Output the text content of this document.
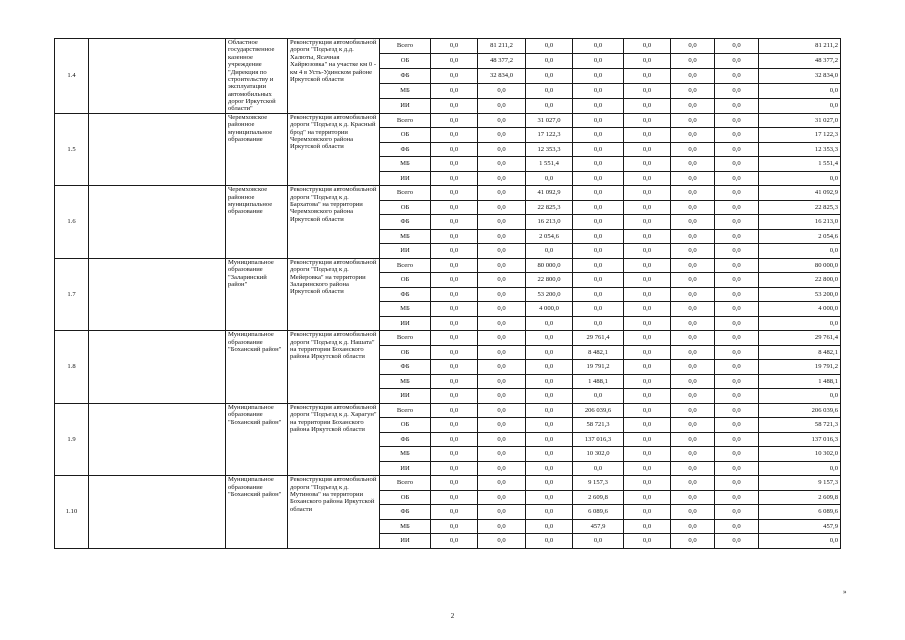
1.4		Областное государственное казенное учреждение "Дирекция по строительству и эксплуатации автомобильных дорог Иркутской области"	Реконструкция автомобильной дороги "Подъезд к д.д. Халюты, Ясачная Хайрюзовка" на участке км 0 - км 4 в Усть-Удинском районе Иркутской области	Всего	0,0	81 211,2	0,0	0,0	0,0	0,0	0,0	81 211,2
				ОБ	0,0	48 377,2	0,0	0,0	0,0	0,0	0,0	48 377,2
				ФБ	0,0	32 834,0	0,0	0,0	0,0	0,0	0,0	32 834,0
				МБ	0,0	0,0	0,0	0,0	0,0	0,0	0,0	0,0
				ИИ	0,0	0,0	0,0	0,0	0,0	0,0	0,0	0,0
1.5		Черемховское районное муниципальное образование	Реконструкция автомобильной дороги "Подъезд к д. Красный брод" на территории Черемховского района Иркутской области	Всего	0,0	0,0	31 027,0	0,0	0,0	0,0	0,0	31 027,0
				ОБ	0,0	0,0	17 122,3	0,0	0,0	0,0	0,0	17 122,3
				ФБ	0,0	0,0	12 353,3	0,0	0,0	0,0	0,0	12 353,3
				МБ	0,0	0,0	1 551,4	0,0	0,0	0,0	0,0	1 551,4
				ИИ	0,0	0,0	0,0	0,0	0,0	0,0	0,0	0,0
1.6		Черемховское районное муниципальное образование	Реконструкция автомобильной дороги "Подъезд к д. Бархатова" на территории Черемховского района Иркутской области	Всего	0,0	0,0	41 092,9	0,0	0,0	0,0	0,0	41 092,9
				ОБ	0,0	0,0	22 825,3	0,0	0,0	0,0	0,0	22 825,3
				ФБ	0,0	0,0	16 213,0	0,0	0,0	0,0	0,0	16 213,0
				МБ	0,0	0,0	2 054,6	0,0	0,0	0,0	0,0	2 054,6
				ИИ	0,0	0,0	0,0	0,0	0,0	0,0	0,0	0,0
1.7		Муниципальное образование "Заларинский район"	Реконструкция автомобильной дороги "Подъезд к д. Мейеровка" на территории Заларинского района Иркутской области	Всего	0,0	0,0	80 000,0	0,0	0,0	0,0	0,0	80 000,0
				ОБ	0,0	0,0	22 800,0	0,0	0,0	0,0	0,0	22 800,0
				ФБ	0,0	0,0	53 200,0	0,0	0,0	0,0	0,0	53 200,0
				МБ	0,0	0,0	4 000,0	0,0	0,0	0,0	0,0	4 000,0
				ИИ	0,0	0,0	0,0	0,0	0,0	0,0	0,0	0,0
1.8		Муниципальное образование "Боханский район"	Реконструкция автомобильной дороги "Подъезд к д. Нашата" на территории Боханского района Иркутской области	Всего	0,0	0,0	0,0	29 761,4	0,0	0,0	0,0	29 761,4
				ОБ	0,0	0,0	0,0	8 482,1	0,0	0,0	0,0	8 482,1
				ФБ	0,0	0,0	0,0	19 791,2	0,0	0,0	0,0	19 791,2
				МБ	0,0	0,0	0,0	1 488,1	0,0	0,0	0,0	1 488,1
				ИИ	0,0	0,0	0,0	0,0	0,0	0,0	0,0	0,0
1.9		Муниципальное образование "Боханский район"	Реконструкция автомобильной дороги "Подъезд к д. Харагун" на территории Боханского района Иркутской области	Всего	0,0	0,0	0,0	206 039,6	0,0	0,0	0,0	206 039,6
				ОБ	0,0	0,0	0,0	58 721,3	0,0	0,0	0,0	58 721,3
				ФБ	0,0	0,0	0,0	137 016,3	0,0	0,0	0,0	137 016,3
				МБ	0,0	0,0	0,0	10 302,0	0,0	0,0	0,0	10 302,0
				ИИ	0,0	0,0	0,0	0,0	0,0	0,0	0,0	0,0
1.10		Муниципальное образование "Боханский район"	Реконструкция автомобильной дороги "Подъезд к д. Мутинова" на территории Боханского района Иркутской области	Всего	0,0	0,0	0,0	9 157,3	0,0	0,0	0,0	9 157,3
				ОБ	0,0	0,0	0,0	2 609,8	0,0	0,0	0,0	2 609,8
				ФБ	0,0	0,0	0,0	6 089,6	0,0	0,0	0,0	6 089,6
				МБ	0,0	0,0	0,0	457,9	0,0	0,0	0,0	457,9
				ИИ	0,0	0,0	0,0	0,0	0,0	0,0	0,0	0,0
»
2
